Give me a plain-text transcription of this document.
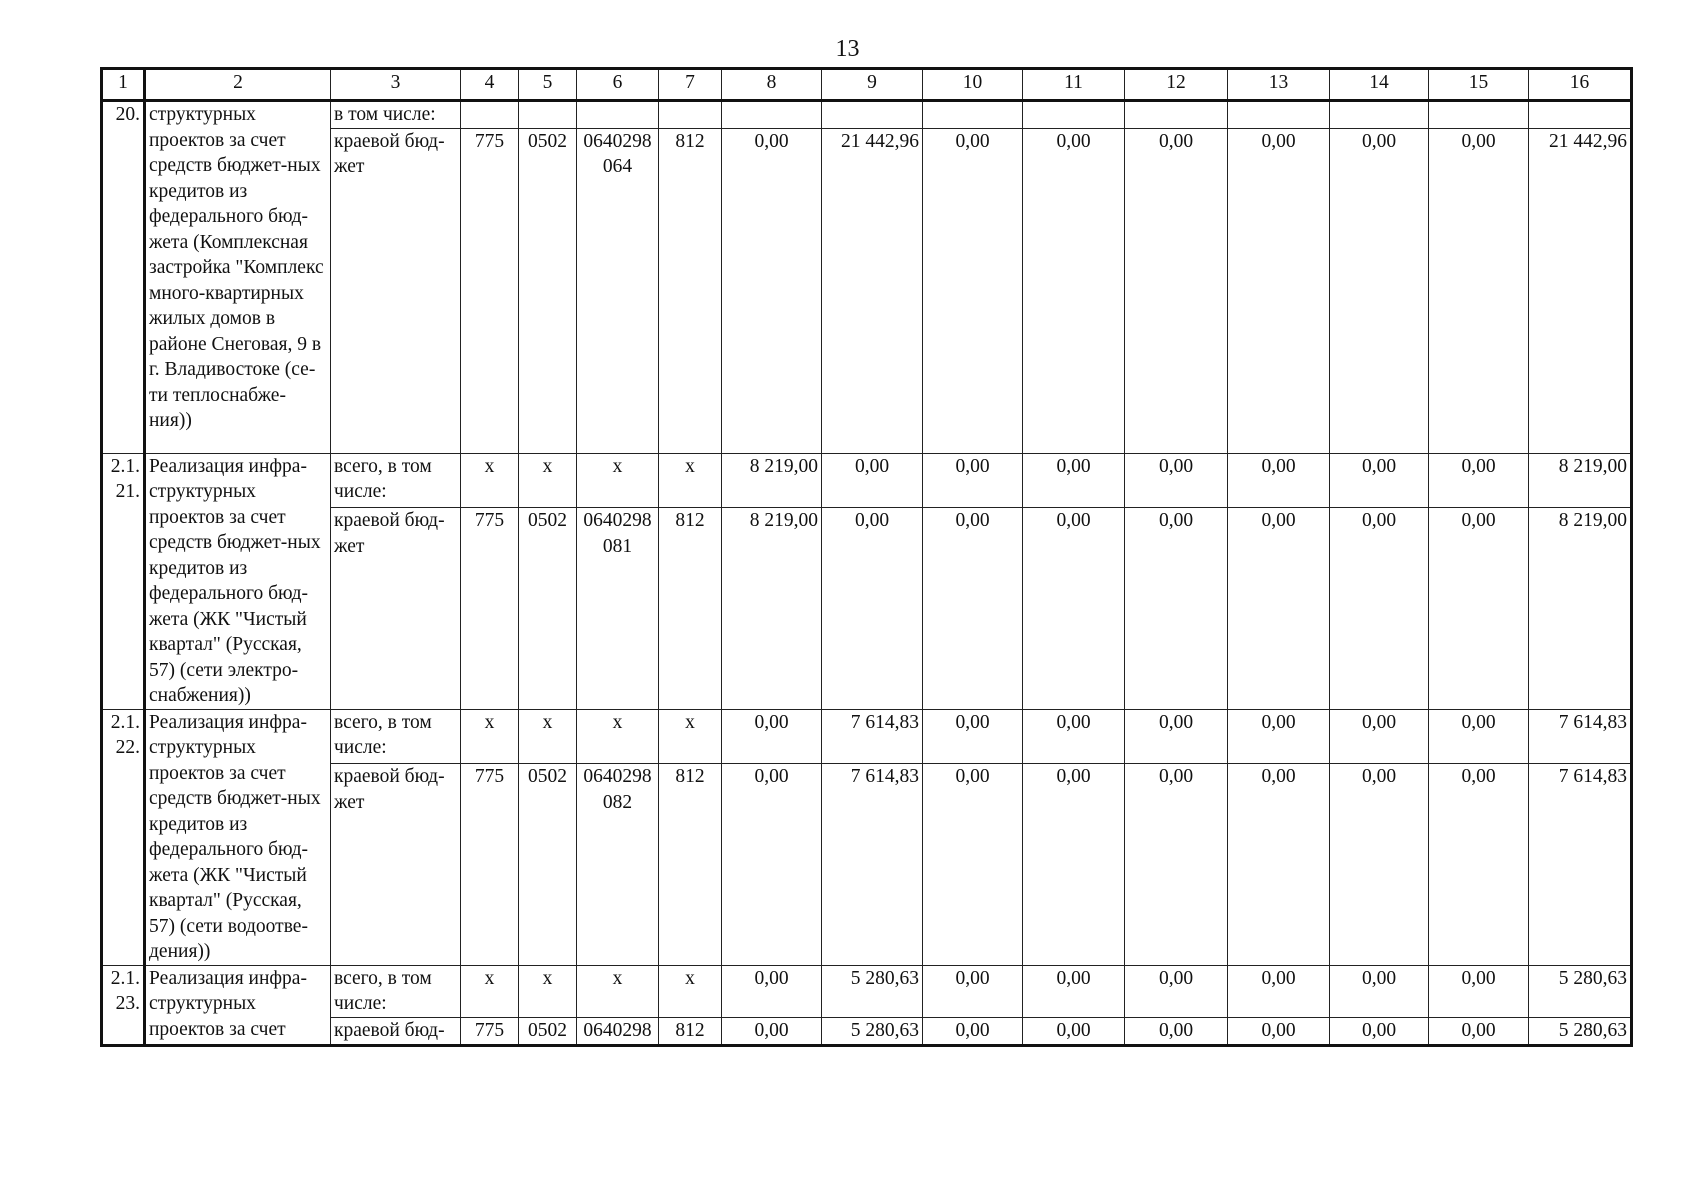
13
1	2	3	4	5	6	7	8	9	10	11	12	13	14	15	16
20.	структурных проектов за счет средств бюджет-ных кредитов из федерального бюд-жета (Комплексная застройка "Комплекс много-квартирных жилых домов в районе Снеговая, 9 в г. Владивостоке (се-ти теплоснабже-ния))	в том числе:													
		краевой бюд-жет	775	0502	0640298 064	812	0,00	21 442,96	0,00	0,00	0,00	0,00	0,00	0,00	21 442,96
2.1. 21.	Реализация инфра-структурных проектов за счет средств бюджет-ных кредитов из федерального бюд-жета (ЖК "Чистый квартал" (Русская, 57) (сети электро-снабжения))	всего, в том числе:	x	x	x	x	8 219,00	0,00	0,00	0,00	0,00	0,00	0,00	0,00	8 219,00
		краевой бюд-жет	775	0502	0640298 081	812	8 219,00	0,00	0,00	0,00	0,00	0,00	0,00	0,00	8 219,00
2.1. 22.	Реализация инфра-структурных проектов за счет средств бюджет-ных кредитов из федерального бюд-жета (ЖК "Чистый квартал" (Русская, 57) (сети водоотве-дения))	всего, в том числе:	x	x	x	x	0,00	7 614,83	0,00	0,00	0,00	0,00	0,00	0,00	7 614,83
		краевой бюд-жет	775	0502	0640298 082	812	0,00	7 614,83	0,00	0,00	0,00	0,00	0,00	0,00	7 614,83
2.1. 23.	Реализация инфра-структурных проектов за счет	всего, в том числе:	x	x	x	x	0,00	5 280,63	0,00	0,00	0,00	0,00	0,00	0,00	5 280,63
		краевой бюд-	775	0502	0640298	812	0,00	5 280,63	0,00	0,00	0,00	0,00	0,00	0,00	5 280,63
